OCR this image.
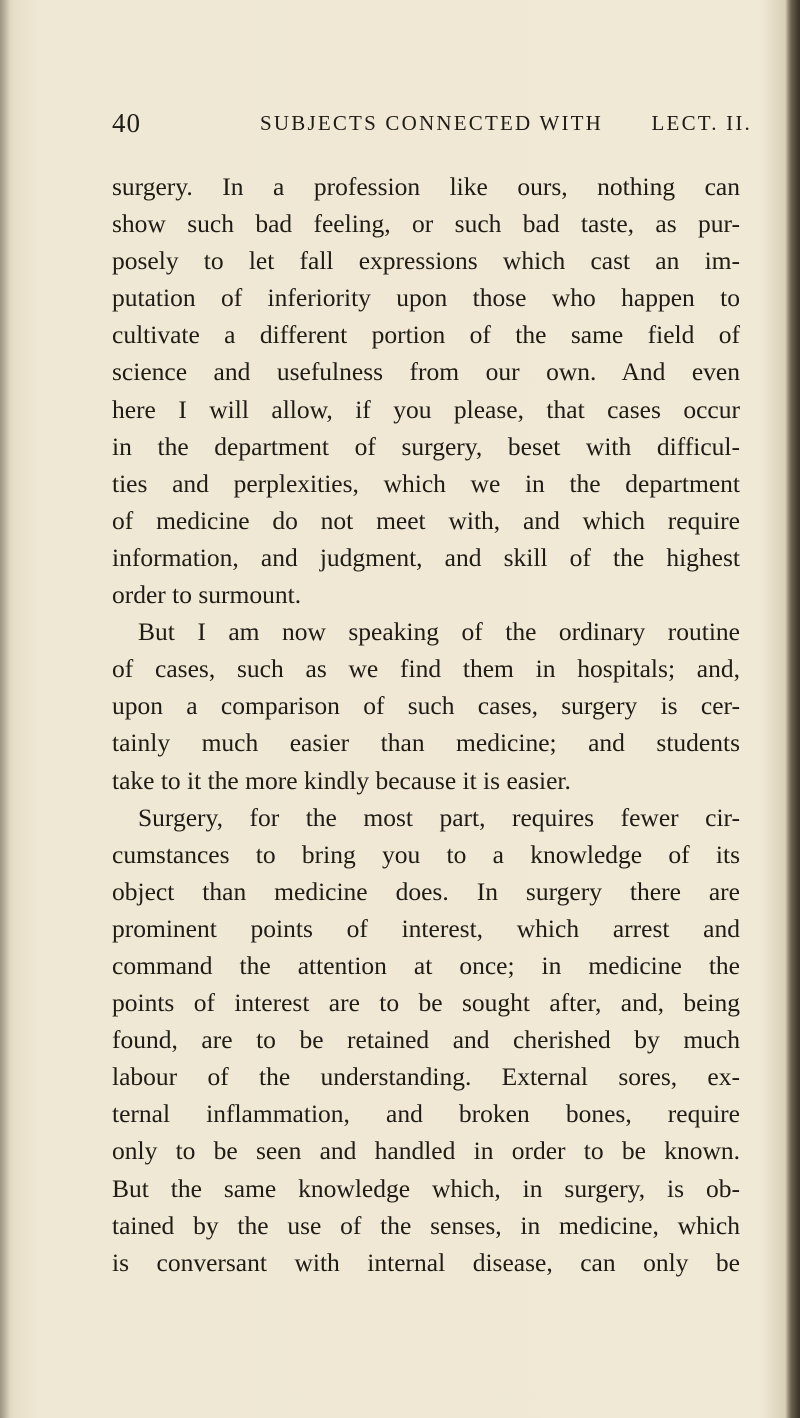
40	SUBJECTS CONNECTED WITH LECT. II.
surgery. In a profession like ours, nothing can
show such bad feeling, or such bad taste, as pur-
posely to let fall expressions which cast an im-
putation of inferiority upon those who happen to
cultivate a different portion of the same field of
science and usefulness from our own. And even
here I will allow, if you please, that cases occur
in the department of surgery, beset with difficul-
ties and perplexities, which we in the department
of medicine do not meet with, and which require
information, and judgment, and skill of the highest
order to surmount.
But I am now speaking of the ordinary routine
of cases, such as we find them in hospitals; and,
upon a comparison of such cases, surgery is cer-
tainly much easier than medicine; and students
take to it the more kindly because it is easier.
Surgery, for the most part, requires fewer cir-
cumstances to bring you to a knowledge of its
object than medicine does. In surgery there are
prominent points of interest, which arrest and
command the attention at once; in medicine the
points of interest are to be sought after, and, being
found, are to be retained and cherished by much
labour of the understanding. External sores, ex-
ternal inflammation, and broken bones, require
only to be seen and handled in order to be known.
But the same knowledge which, in surgery, is ob-
tained by the use of the senses, in medicine, which
is conversant with internal disease, can only be
